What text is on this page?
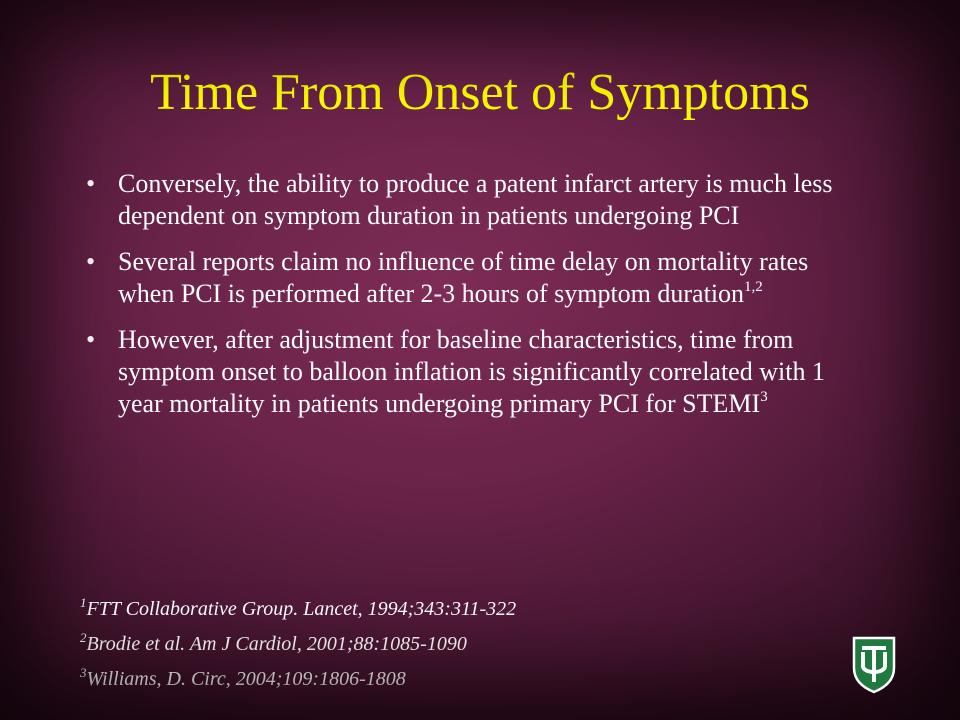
Time From Onset of Symptoms
• Conversely, the ability to produce a patent infarct artery is much less dependent on symptom duration in patients undergoing PCI
• Several reports claim no influence of time delay on mortality rates when PCI is performed after 2-3 hours of symptom duration$^{1,2}$
• However, after adjustment for baseline characteristics, time from symptom onset to balloon inflation is significantly correlated with 1 year mortality in patients undergoing primary PCI for STEMI$^3$
$^1$FTT Collaborative Group. Lancet, 1994;343:311-322
$^2$Brodie et al. Am J Cardiol, 2001;88:1085-1090
$^3$Williams, D. Circ, 2004;109:1806-1808
